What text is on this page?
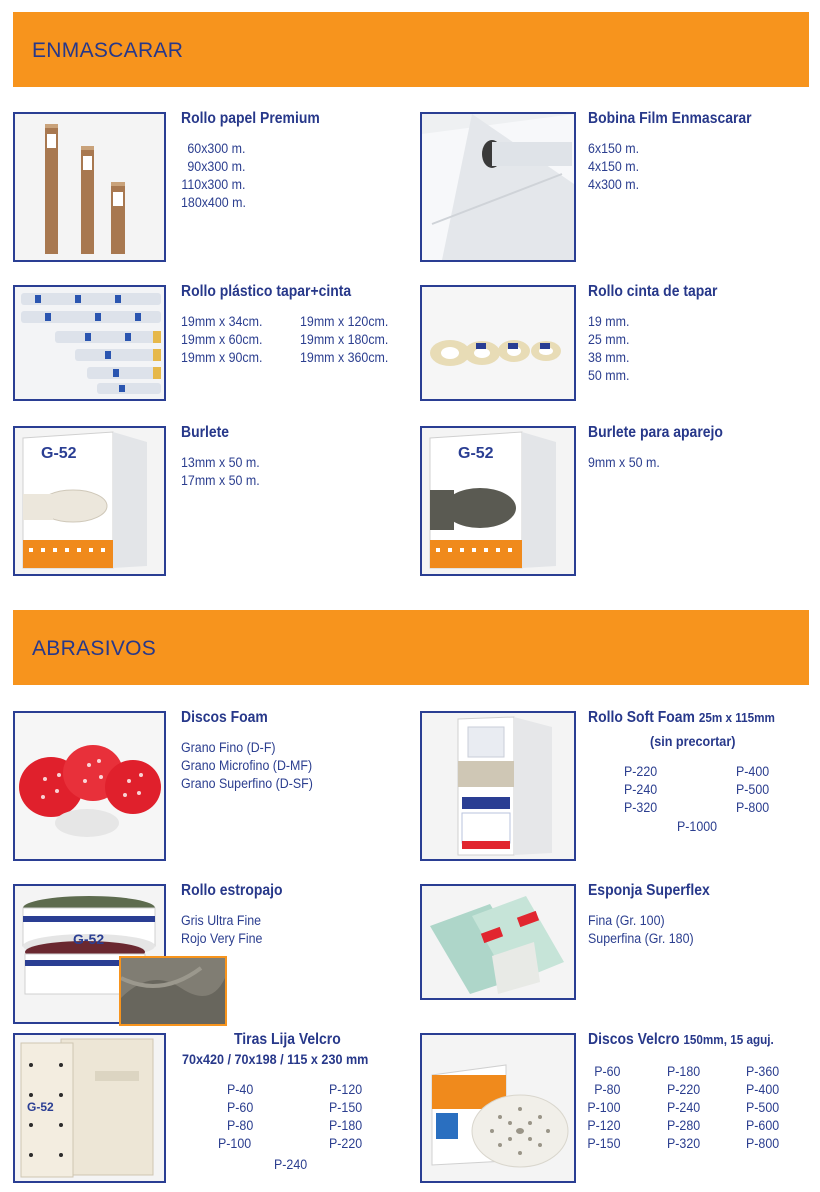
ENMASCARAR
Rollo papel Premium
60x300 m.
90x300 m.
110x300 m.
180x400 m.
Bobina Film Enmascarar
6x150 m.
4x150 m.
4x300 m.
Rollo plástico tapar+cinta
19mm x 34cm.
19mm x 60cm.
19mm x 90cm.
19mm x 120cm.
19mm x 180cm.
19mm x 360cm.
Rollo cinta de tapar
19 mm.
25 mm.
38 mm.
50 mm.
G-52
Burlete
13mm x 50 m.
17mm x 50 m.
G-52
Burlete para aparejo
9mm x 50 m.
ABRASIVOS
Discos Foam
Grano Fino (D-F)
Grano Microfino (D-MF)
Grano Superfino (D-SF)
Rollo Soft Foam 25m x 115mm
(sin precortar)
P-220
P-240
P-320
P-400
P-500
P-800
P-1000
G-52
Rollo estropajo
Gris Ultra Fine
Rojo Very Fine
Esponja Superflex
Fina (Gr. 100)
Superfina (Gr. 180)
G-52
Tiras Lija Velcro
70x420 / 70x198 / 115 x 230 mm
P-40
P-60
P-80
P-100
P-120
P-150
P-180
P-220
P-240
Discos Velcro 150mm, 15 aguj.
P-60
P-80
P-100
P-120
P-150
P-180
P-220
P-240
P-280
P-320
P-360
P-400
P-500
P-600
P-800
